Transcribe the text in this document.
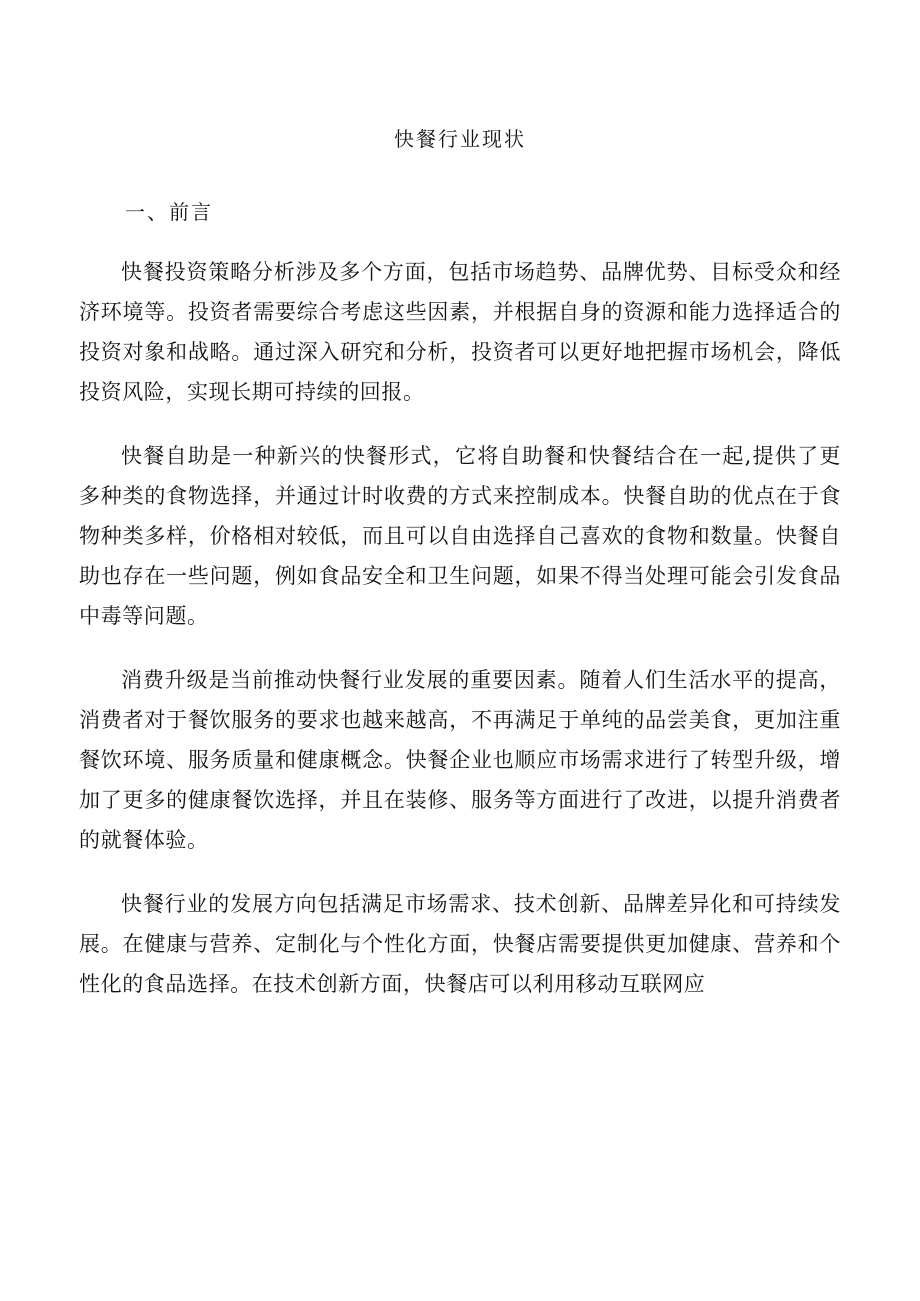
快餐行业现状
一、前言

快餐投资策略分析涉及多个方面，包括市场趋势、品牌优势、目标受众和经济环境等。投资者需要综合考虑这些因素，并根据自身的资源和能力选择适合的投资对象和战略。通过深入研究和分析，投资者可以更好地把握市场机会，降低投资风险，实现长期可持续的回报。

快餐自助是一种新兴的快餐形式，它将自助餐和快餐结合在一起,提供了更多种类的食物选择，并通过计时收费的方式来控制成本。快餐自助的优点在于食物种类多样，价格相对较低，而且可以自由选择自己喜欢的食物和数量。快餐自助也存在一些问题，例如食品安全和卫生问题，如果不得当处理可能会引发食品中毒等问题。

消费升级是当前推动快餐行业发展的重要因素。随着人们生活水平的提高，消费者对于餐饮服务的要求也越来越高，不再满足于单纯的品尝美食，更加注重餐饮环境、服务质量和健康概念。快餐企业也顺应市场需求进行了转型升级，增加了更多的健康餐饮选择，并且在装修、服务等方面进行了改进，以提升消费者的就餐体验。

快餐行业的发展方向包括满足市场需求、技术创新、品牌差异化和可持续发展。在健康与营养、定制化与个性化方面，快餐店需要提供更加健康、营养和个性化的食品选择。在技术创新方面，快餐店可以利用移动互联网应
